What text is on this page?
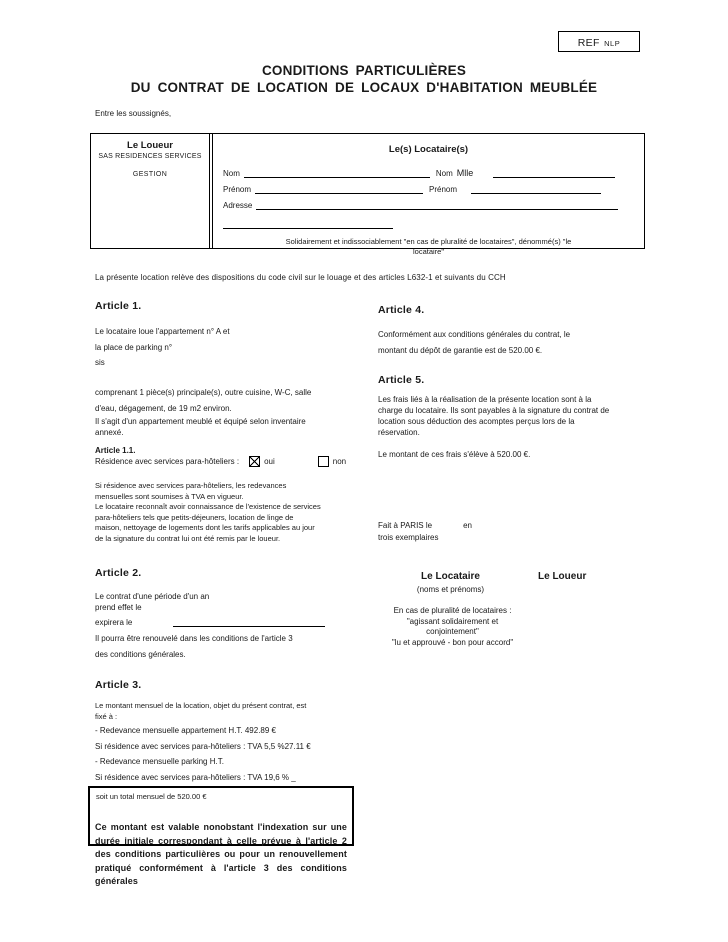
REF NLP
CONDITIONS PARTICULIÈRES
DU CONTRAT DE LOCATION DE LOCAUX D'HABITATION MEUBLÉE
Entre les soussignés,
Le Loueur
SAS RESIDENCES SERVICES
GESTION
Le(s) Locataire(s)
Nom	Nom Mlle
Prénom	Prénom
Adresse
Solidairement et indissociablement "en cas de pluralité de locataires", dénommé(s) "le
locataire"
La présente location relève des dispositions du code civil sur le louage et des articles L632-1 et suivants du CCH
Article 1.
Le locataire loue l'appartement n° A et
la place de parking n°
sis
comprenant 1 pièce(s) principale(s), outre cuisine, W-C, salle
d'eau, dégagement, de 19 m2 environ.
Il s'agit d'un appartement meublé et équipé selon inventaire
annexé.
Article 1.1.
Résidence avec services para-hôteliers :	oui	non
Si résidence avec services para-hôteliers, les redevances
mensuelles sont soumises à TVA en vigueur.
Le locataire reconnaît avoir connaissance de l'existence de services
para-hôteliers tels que petits-déjeuners, location de linge de
maison, nettoyage de logements dont les tarifs applicables au jour
de la signature du contrat lui ont été remis par le loueur.
Article 2.
Le contrat d'une période d'un an
prend effet le
expirera le
Il pourra être renouvelé dans les conditions de l'article 3
des conditions générales.
Article 3.
Le montant mensuel de la location, objet du présent contrat, est
fixé à :
- Redevance mensuelle appartement H.T. 492.89 €
Si résidence avec services para-hôteliers : TVA 5,5 %27.11 €
- Redevance mensuelle parking H.T.
Si résidence avec services para-hôteliers : TVA 19,6 % _
soit un total mensuel de 520.00 €
Ce montant est valable nonobstant l'indexation sur une durée initiale correspondant à celle prévue à l'article 2 des conditions particulières ou pour un renouvellement pratiqué conformément à l'article 3 des conditions générales
Article 4.
Conformément aux conditions générales du contrat, le
montant du dépôt de garantie est de 520.00 €.
Article 5.
Les frais liés à la réalisation de la présente location sont à la
charge du locataire. Ils sont payables à la signature du contrat de
location sous déduction des acomptes perçus lors de la
réservation.
Le montant de ces frais s'élève à 520.00 €.
Fait à PARIS le	en
trois exemplaires
Le Locataire	Le Loueur
(noms et prénoms)
En cas de pluralité de locataires :
"agissant solidairement et
conjointement"
"lu et approuvé - bon pour accord"
